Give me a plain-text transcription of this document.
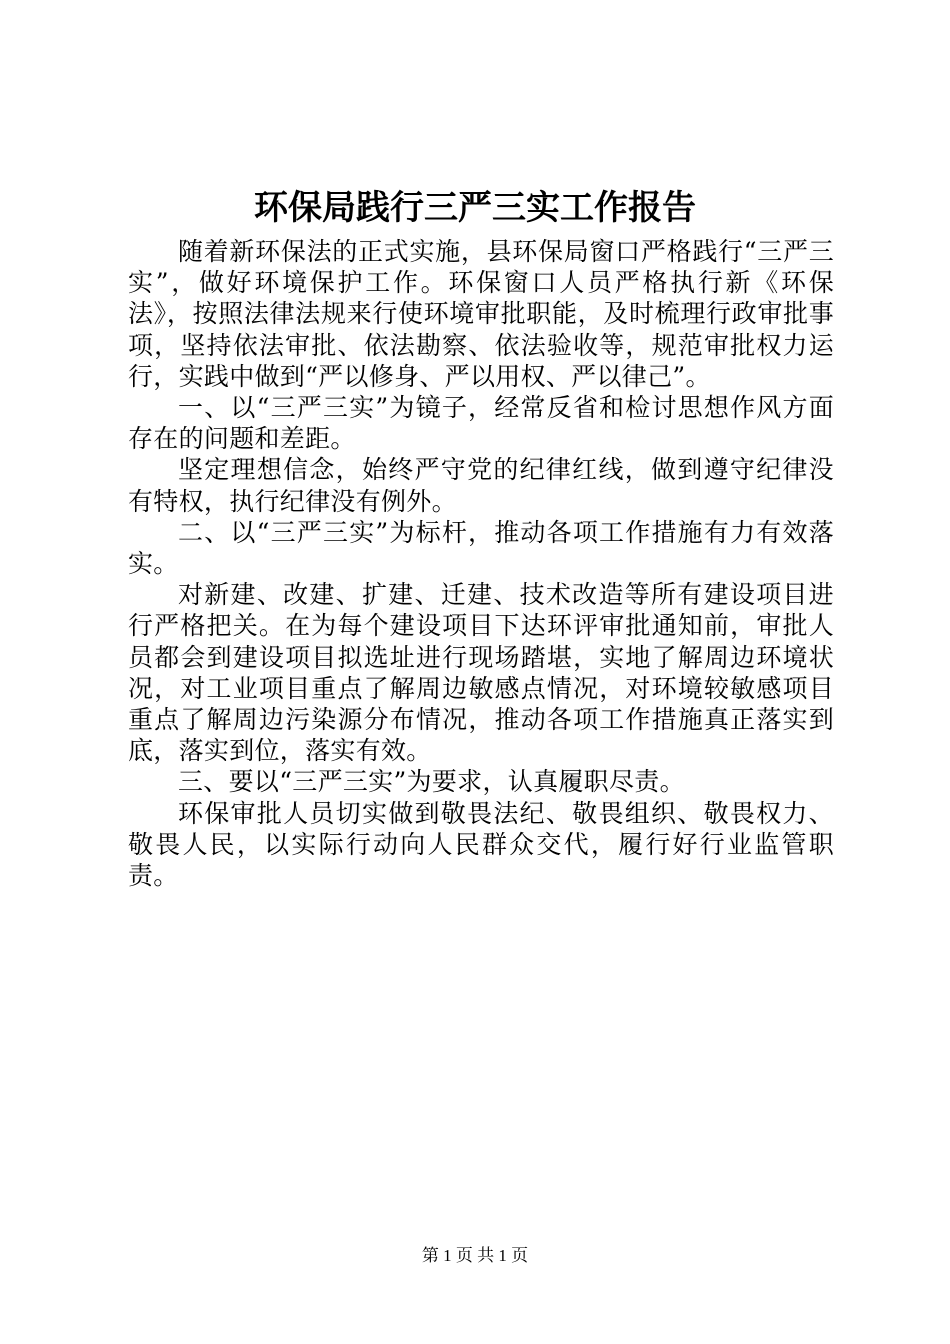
环保局践行三严三实工作报告

随着新环保法的正式实施，县环保局窗口严格践行“三严三实”，做好环境保护工作。环保窗口人员严格执行新《环保法》，按照法律法规来行使环境审批职能，及时梳理行政审批事项，坚持依法审批、依法勘察、依法验收等，规范审批权力运行，实践中做到“严以修身、严以用权、严以律己”。

一、以“三严三实”为镜子，经常反省和检讨思想作风方面存在的问题和差距。

坚定理想信念，始终严守党的纪律红线，做到遵守纪律没有特权，执行纪律没有例外。

二、以“三严三实”为标杆，推动各项工作措施有力有效落实。

对新建、改建、扩建、迁建、技术改造等所有建设项目进行严格把关。在为每个建设项目下达环评审批通知前，审批人员都会到建设项目拟选址进行现场踏堪，实地了解周边环境状况，对工业项目重点了解周边敏感点情况，对环境较敏感项目重点了解周边污染源分布情况，推动各项工作措施真正落实到底，落实到位，落实有效。

三、要以“三严三实”为要求，认真履职尽责。

环保审批人员切实做到敬畏法纪、敬畏组织、敬畏权力、敬畏人民，以实际行动向人民群众交代，履行好行业监管职责。

第 1 页 共 1 页
